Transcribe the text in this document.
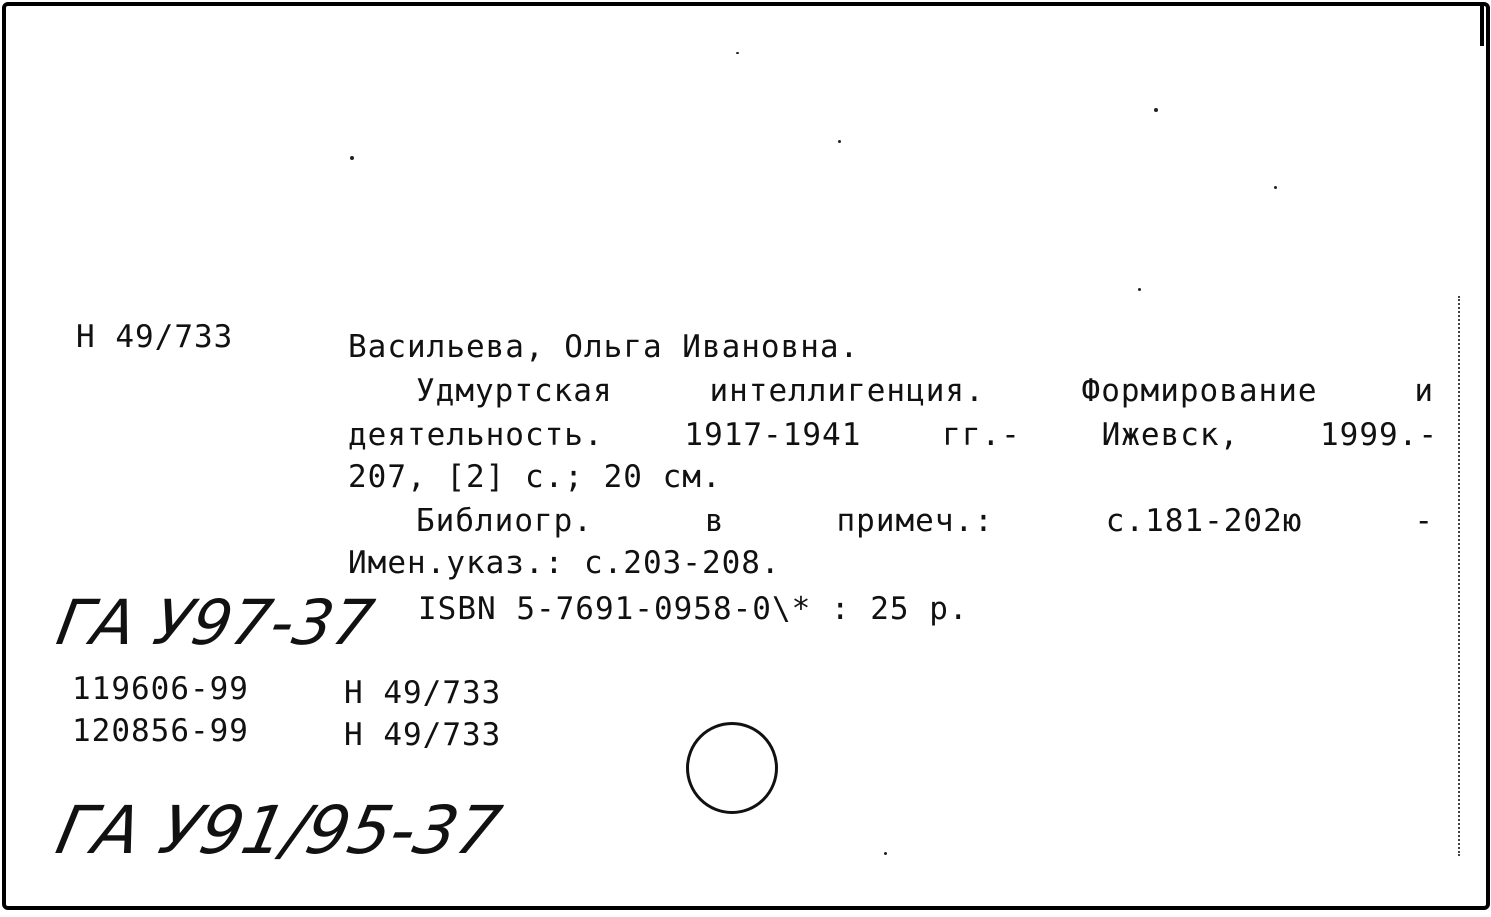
Н 49/733	Васильева, Ольга Ивановна.
Удмуртская интеллигенция. Формирование и
деятельность. 1917-1941 гг.- Ижевск, 1999.-
207, [2] с.; 20 см.
Библиогр. в примеч.: с.181-202ю -
Имен.указ.: с.203-208.
ISBN 5-7691-0958-0\* : 25 р.
ГА У97-37
119606-99	Н 49/733
120856-99	Н 49/733
ГА У91/95-37
